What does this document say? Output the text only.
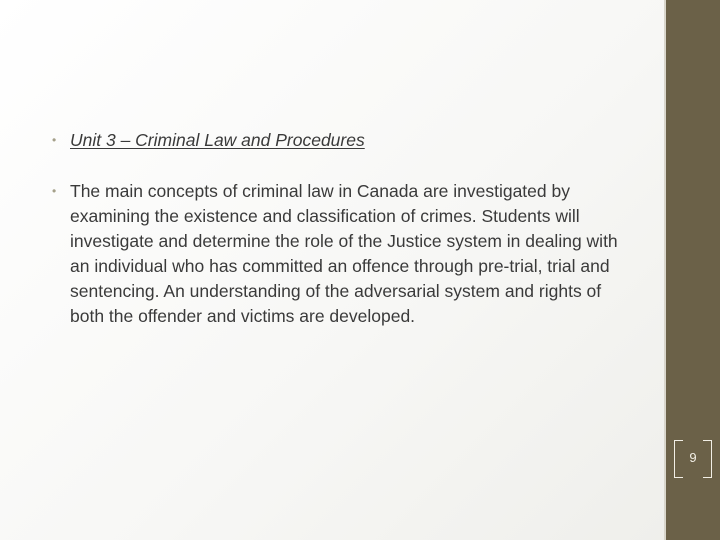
• Unit 3 – Criminal Law and Procedures
• The main concepts of criminal law in Canada are investigated by examining the existence and classification of crimes. Students will investigate and determine the role of the Justice system in dealing with an individual who has committed an offence through pre-trial, trial and sentencing. An understanding of the adversarial system and rights of both the offender and victims are developed.
9
